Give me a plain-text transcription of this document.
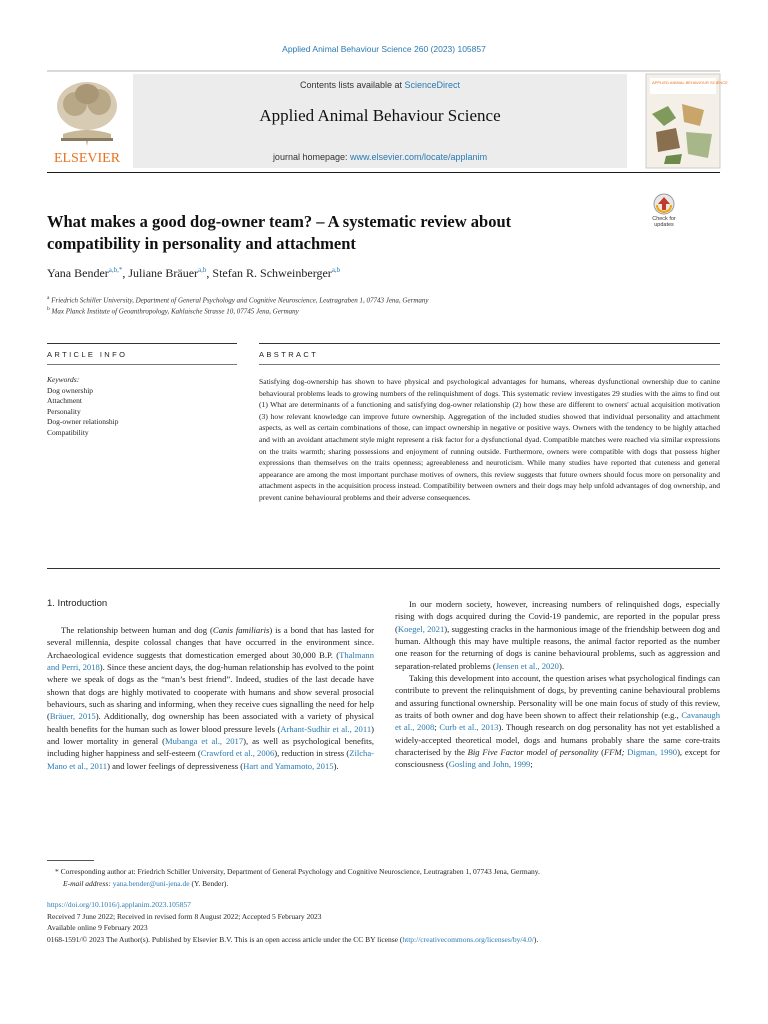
Applied Animal Behaviour Science 260 (2023) 105857
ELSEVIER
Contents lists available at ScienceDirect
Applied Animal Behaviour Science
journal homepage: www.elsevier.com/locate/applanim
APPLIED ANIMAL BEHAVIOUR SCIENCE
Check for updates
What makes a good dog-owner team? – A systematic review about compatibility in personality and attachment
Yana Bender$^{a,b,*}$, Juliane Bräuer$^{a,b}$, Stefan R. Schweinberger$^{a,b}$
$^a$ Friedrich Schiller University, Department of General Psychology and Cognitive Neuroscience, Leutragraben 1, 07743 Jena, Germany
$^b$ Max Planck Institute of Geoanthropology, Kahlaische Strasse 10, 07745 Jena, Germany
ARTICLE INFO	ABSTRACT
Keywords:
Dog ownership
Attachment
Personality
Dog-owner relationship
Compatibility
Satisfying dog-ownership has shown to have physical and psychological advantages for humans, whereas dysfunctional ownership due to canine behavioural problems leads to growing numbers of the relinquishment of dogs. This systematic review investigates 29 studies with the aims to find out (1) What are determinants of a functioning and satisfying dog-owner relationship (2) how these are different to owners' actual acquisition motivation (3) how relevant knowledge can improve future ownership. Aggregation of the included studies showed that individual personality and attachment aspects, as well as certain combinations of those, can impact ownership in negative or positive ways. Owners with the tendency to be highly attached and with an avoidant attachment style might represent a risk factor for a dysfunctional dyad. Compatible matches were reached via similar expressions on the traits warmth; sharing possessions and enjoyment of running outside. Furthermore, owners were compatible with dogs that possess higher expressions than themselves on the traits openness; agreeableness and neuroticism. While many studies have reported that cuteness and general appearance are among the most important purchase motives of owners, this review suggests that future owners should focus more on personality and attachment aspects in the acquisition process instead. Compatibility between owners and their dogs may help unfold advantages of dog ownership, and prevent canine behavioural problems and their adverse consequences.
1. Introduction

The relationship between human and dog (Canis familiaris) is a bond that has lasted for several millennia, despite colossal changes that have occurred in the environment since. Archaeological evidence suggests that domestication emerged about 30,000 B.P. (Thalmann and Perri, 2018). Since these ancient days, the dog-human relationship has evolved to the point where we speak of dogs as the “man’s best friend”. Indeed, studies of the last decade have shown that dogs are highly motivated to cooperate with humans and show several prosocial behaviours, such as sharing and informing, when they receive cues signalling the need for help (Bräuer, 2015). Additionally, dog ownership has been associated with a variety of physical health benefits for the human such as lower blood pressure levels (Arhant-Sudhir et al., 2011) and lower mortality in general (Mubanga et al., 2017), as well as psychological benefits, including higher happiness and self-esteem (Crawford et al., 2006), reduction in stress (Zilcha-Mano et al., 2011) and lower feelings of depressiveness (Hart and Yamamoto, 2015).

In our modern society, however, increasing numbers of relinquished dogs, especially rising with dogs acquired during the Covid-19 pandemic, are reported in the popular press (Koegel, 2021), suggesting cracks in the harmonious image of the friendship between dog and human. Although this may have multiple reasons, the animal factor reported as the number one reason for the returning of dogs is canine behavioural problems, such as aggression and separation-related problems (Jensen et al., 2020).

Taking this development into account, the question arises what psychological findings can contribute to prevent the relinquishment of dogs, by preventing canine behavioural problems and assuring functional ownership. Personality will be one main focus of study of this review, as traits of both owner and dog have been shown to affect their relationship (e.g., Cavanaugh et al., 2008; Curb et al., 2013). Though research on dog personality has not yet established a widely-accepted theoretical model, dogs and humans probably share the same core-traits characterised by the Big Five Factor model of personality (FFM; Digman, 1990), except for consciousness (Gosling and John, 1999;

* Corresponding author at: Friedrich Schiller University, Department of General Psychology and Cognitive Neuroscience, Leutragraben 1, 07743 Jena, Germany.
E-mail address: yana.bender@uni-jena.de (Y. Bender).
https://doi.org/10.1016/j.applanim.2023.105857
Received 7 June 2022; Received in revised form 8 August 2022; Accepted 5 February 2023
Available online 9 February 2023
0168-1591/© 2023 The Author(s). Published by Elsevier B.V. This is an open access article under the CC BY license (http://creativecommons.org/licenses/by/4.0/).
